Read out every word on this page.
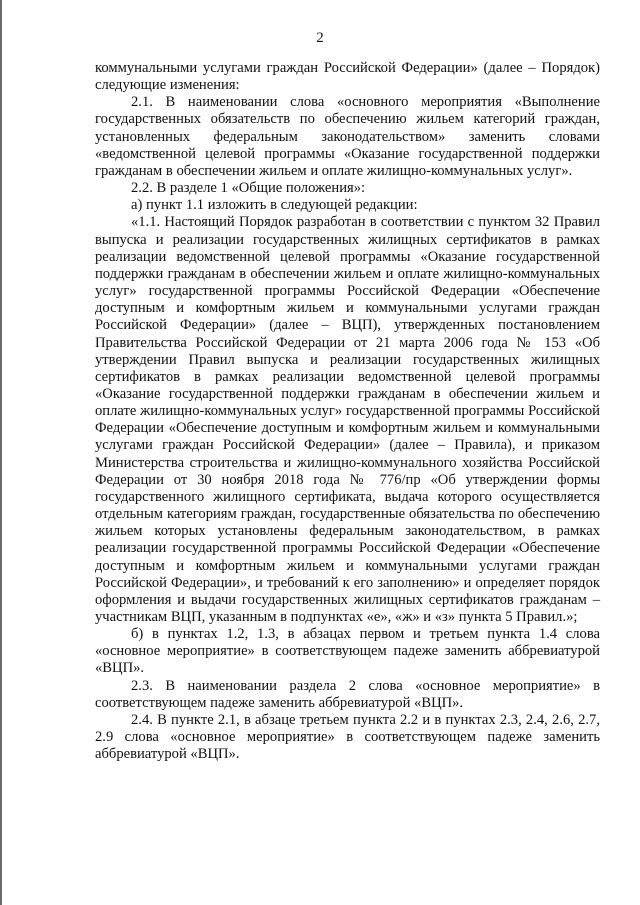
2

коммунальными услугами граждан Российской Федерации» (далее – Порядок) следующие изменения:

2.1. В наименовании слова «основного мероприятия «Выполнение государственных обязательств по обеспечению жильем категорий граждан, установленных федеральным законодательством» заменить словами «ведомственной целевой программы «Оказание государственной поддержки гражданам в обеспечении жильем и оплате жилищно-коммунальных услуг».

2.2. В разделе 1 «Общие положения»:

а) пункт 1.1 изложить в следующей редакции:

«1.1. Настоящий Порядок разработан в соответствии с пунктом 32 Правил выпуска и реализации государственных жилищных сертификатов в рамках реализации ведомственной целевой программы «Оказание государственной поддержки гражданам в обеспечении жильем и оплате жилищно-коммунальных услуг» государственной программы Российской Федерации «Обеспечение доступным и комфортным жильем и коммунальными услугами граждан Российской Федерации» (далее – ВЦП), утвержденных постановлением Правительства Российской Федерации от 21 марта 2006 года № 153 «Об утверждении Правил выпуска и реализации государственных жилищных сертификатов в рамках реализации ведомственной целевой программы «Оказание государственной поддержки гражданам в обеспечении жильем и оплате жилищно-коммунальных услуг» государственной программы Российской Федерации «Обеспечение доступным и комфортным жильем и коммунальными услугами граждан Российской Федерации» (далее – Правила), и приказом Министерства строительства и жилищно-коммунального хозяйства Российской Федерации от 30 ноября 2018 года № 776/пр «Об утверждении формы государственного жилищного сертификата, выдача которого осуществляется отдельным категориям граждан, государственные обязательства по обеспечению жильем которых установлены федеральным законодательством, в рамках реализации государственной программы Российской Федерации «Обеспечение доступным и комфортным жильем и коммунальными услугами граждан Российской Федерации», и требований к его заполнению» и определяет порядок оформления и выдачи государственных жилищных сертификатов гражданам – участникам ВЦП, указанным в подпунктах «е», «ж» и «з» пункта 5 Правил.»;

б) в пунктах 1.2, 1.3, в абзацах первом и третьем пункта 1.4 слова «основное мероприятие» в соответствующем падеже заменить аббревиатурой «ВЦП».

2.3. В наименовании раздела 2 слова «основное мероприятие» в соответствующем падеже заменить аббревиатурой «ВЦП».

2.4. В пункте 2.1, в абзаце третьем пункта 2.2 и в пунктах 2.3, 2.4, 2.6, 2.7, 2.9 слова «основное мероприятие» в соответствующем падеже заменить аббревиатурой «ВЦП».
